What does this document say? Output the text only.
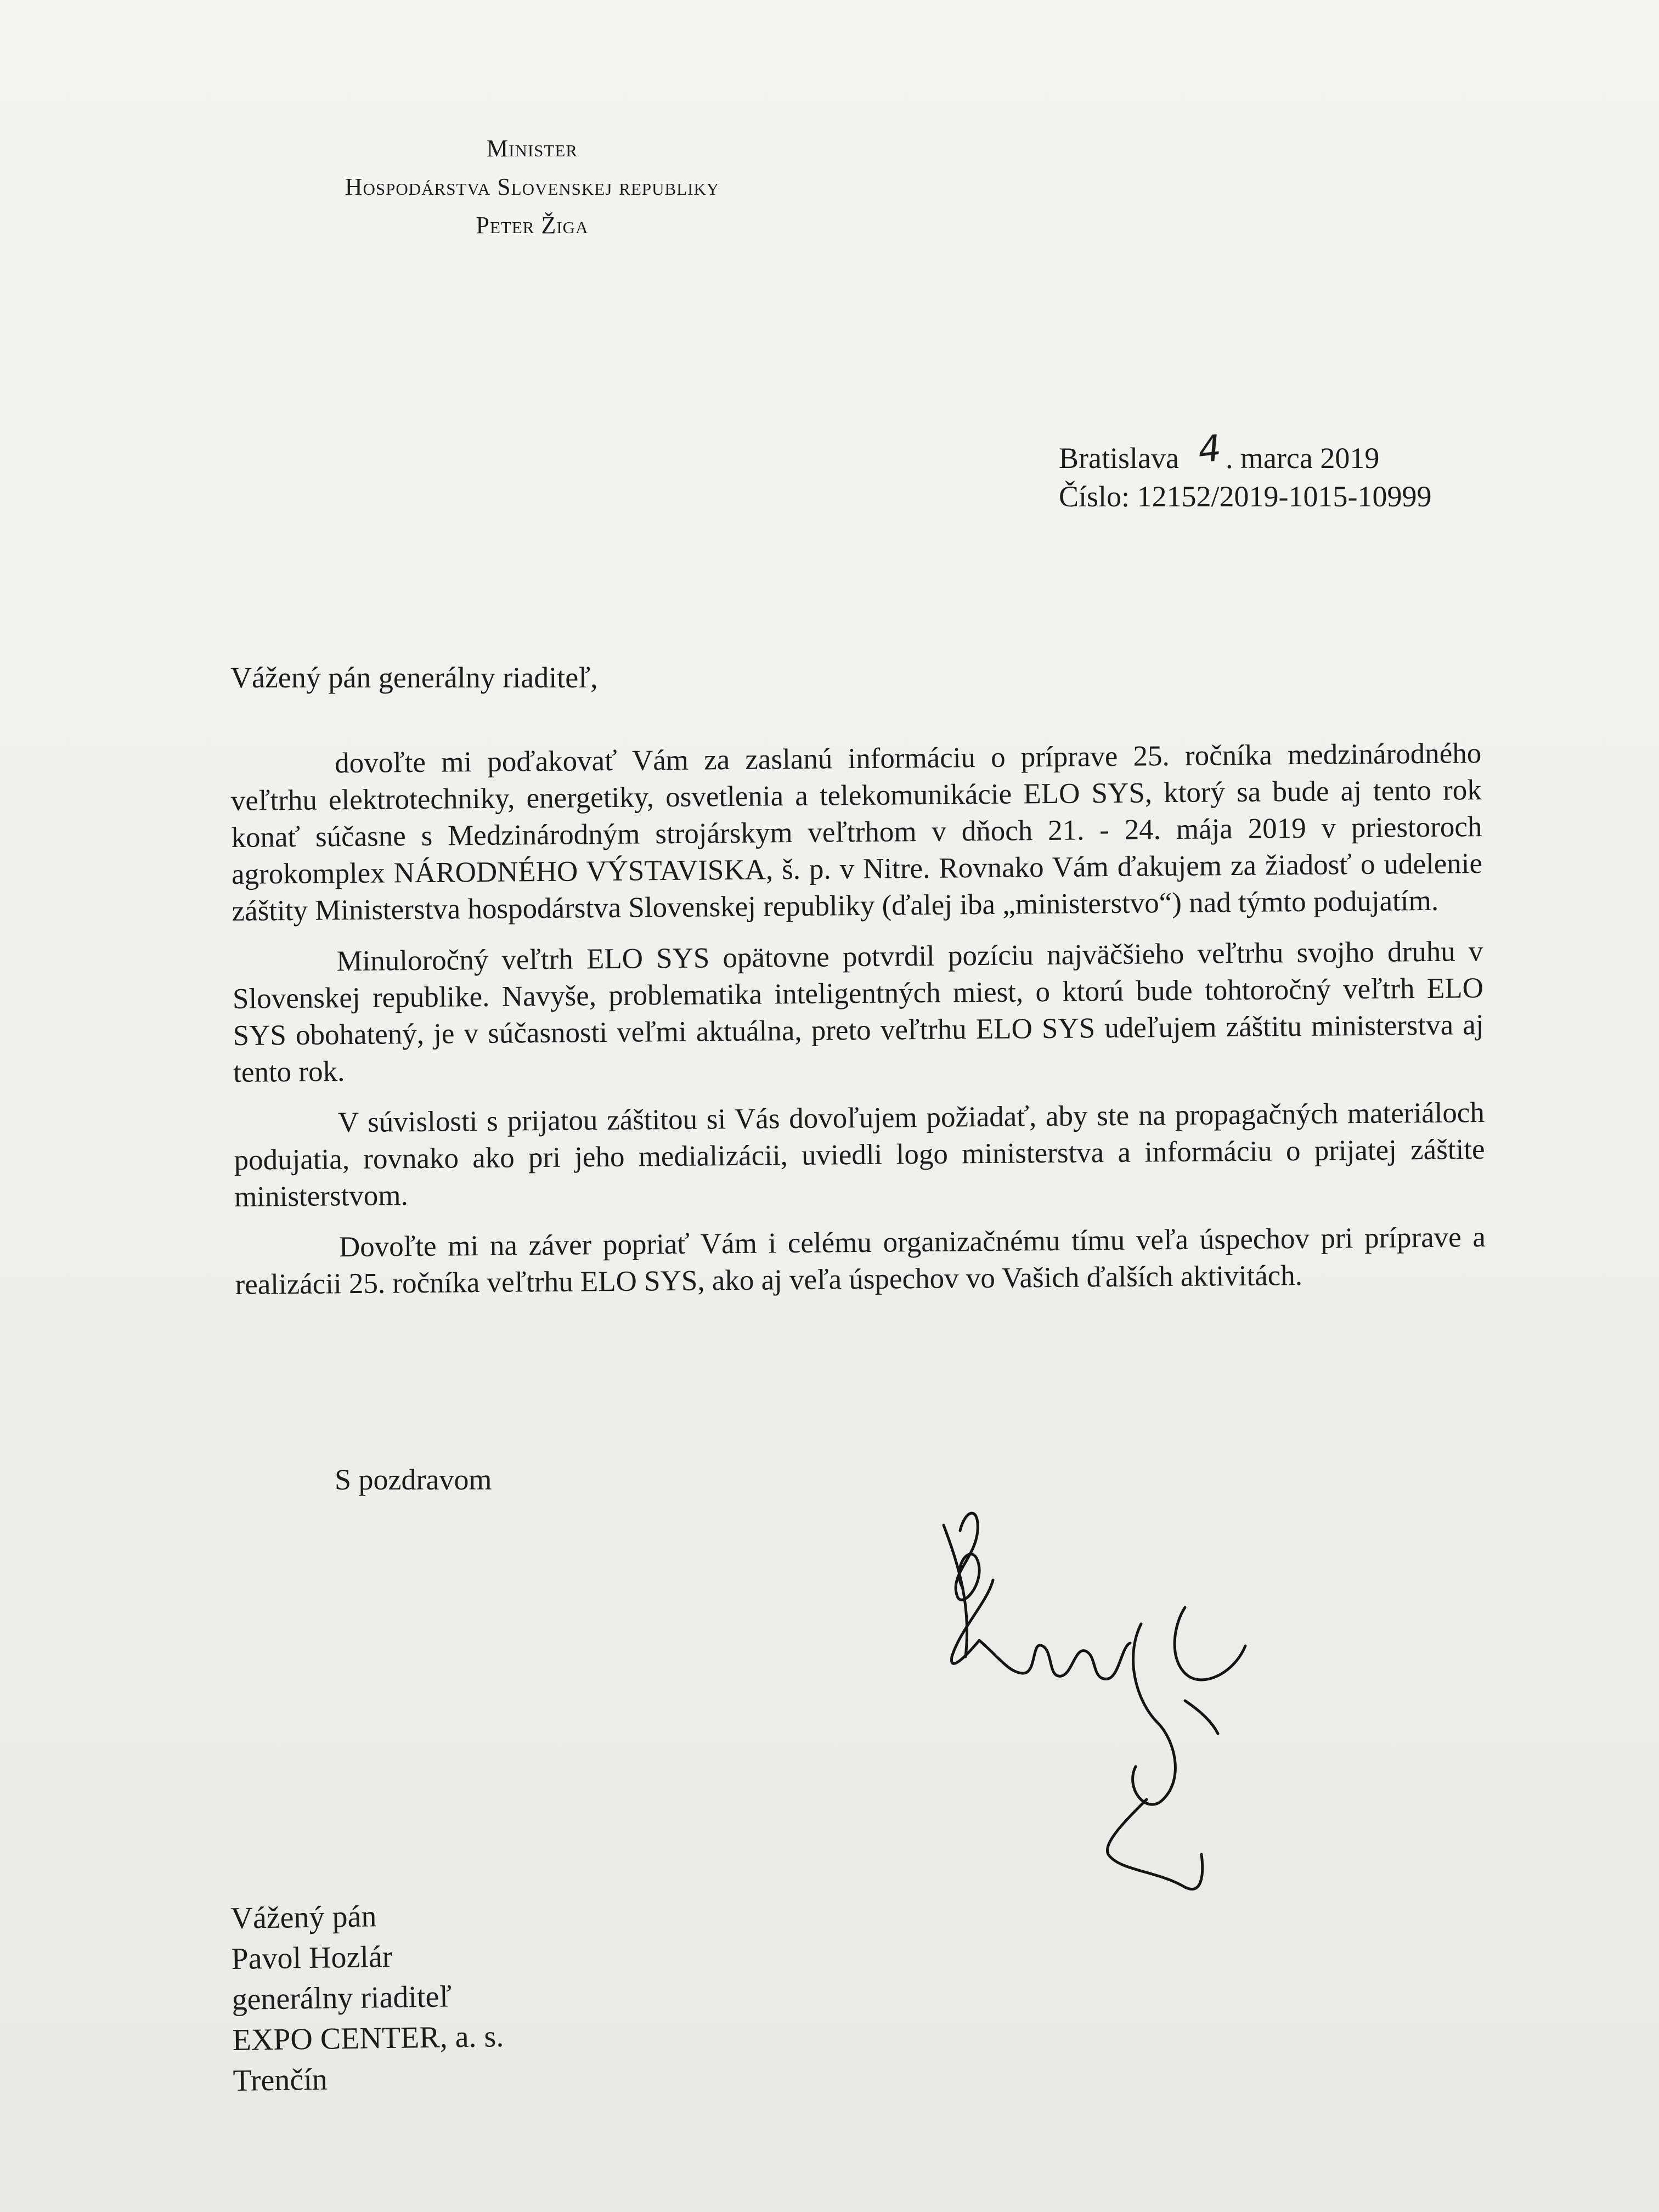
Minister
Hospodárstva Slovenskej republiky
Peter Žiga
Bratislava 4. marca 2019
Číslo: 12152/2019-1015-10999
Vážený pán generálny riaditeľ,

dovoľte mi poďakovať Vám za zaslanú informáciu o príprave 25. ročníka medzinárodného veľtrhu elektrotechniky, energetiky, osvetlenia a telekomunikácie ELO SYS, ktorý sa bude aj tento rok konať súčasne s Medzinárodným strojárskym veľtrhom v dňoch 21. - 24. mája 2019 v priestoroch agrokomplex NÁRODNÉHO VÝSTAVISKA, š. p. v Nitre. Rovnako Vám ďakujem za žiadosť o udelenie záštity Ministerstva hospodárstva Slovenskej republiky (ďalej iba „ministerstvo“) nad týmto podujatím.

Minuloročný veľtrh ELO SYS opätovne potvrdil pozíciu najväčšieho veľtrhu svojho druhu v Slovenskej republike. Navyše, problematika inteligentných miest, o ktorú bude tohtoročný veľtrh ELO SYS obohatený, je v súčasnosti veľmi aktuálna, preto veľtrhu ELO SYS udeľujem záštitu ministerstva aj tento rok.

V súvislosti s prijatou záštitou si Vás dovoľujem požiadať, aby ste na propagačných materiáloch podujatia, rovnako ako pri jeho medializácii, uviedli logo ministerstva a informáciu o prijatej záštite ministerstvom.

Dovoľte mi na záver popriať Vám i celému organizačnému tímu veľa úspechov pri príprave a realizácii 25. ročníka veľtrhu ELO SYS, ako aj veľa úspechov vo Vašich ďalších aktivitách.

S pozdravom
Vážený pán
Pavol Hozlár
generálny riaditeľ
EXPO CENTER, a. s.
Trenčín
